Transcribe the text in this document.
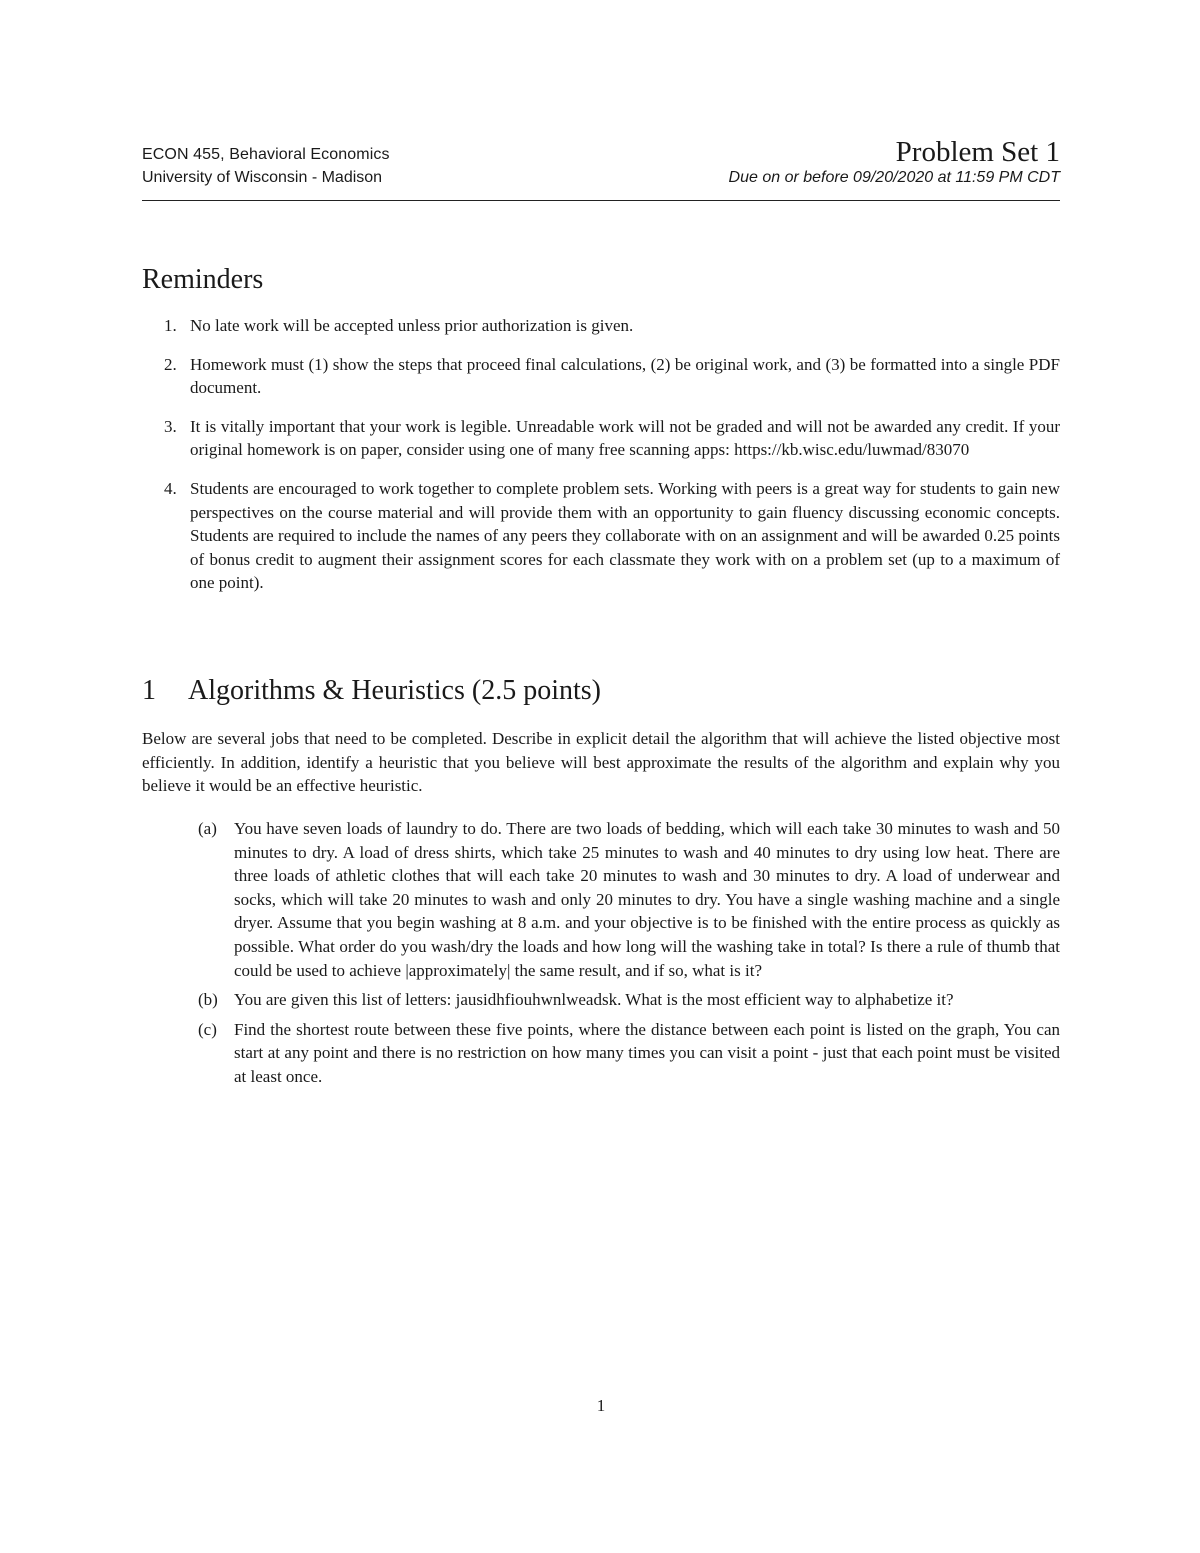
ECON 455, Behavioral Economics
University of Wisconsin - Madison
Problem Set 1
Due on or before 09/20/2020 at 11:59 PM CDT
Reminders
1. No late work will be accepted unless prior authorization is given.
2. Homework must (1) show the steps that proceed final calculations, (2) be original work, and (3) be formatted into a single PDF document.
3. It is vitally important that your work is legible. Unreadable work will not be graded and will not be awarded any credit. If your original homework is on paper, consider using one of many free scanning apps: https://kb.wisc.edu/luwmad/83070
4. Students are encouraged to work together to complete problem sets. Working with peers is a great way for students to gain new perspectives on the course material and will provide them with an opportunity to gain fluency discussing economic concepts. Students are required to include the names of any peers they collaborate with on an assignment and will be awarded 0.25 points of bonus credit to augment their assignment scores for each classmate they work with on a problem set (up to a maximum of one point).
1 Algorithms & Heuristics (2.5 points)

Below are several jobs that need to be completed. Describe in explicit detail the algorithm that will achieve the listed objective most efficiently. In addition, identify a heuristic that you believe will best approximate the results of the algorithm and explain why you believe it would be an effective heuristic.

(a) You have seven loads of laundry to do. There are two loads of bedding, which will each take 30 minutes to wash and 50 minutes to dry. A load of dress shirts, which take 25 minutes to wash and 40 minutes to dry using low heat. There are three loads of athletic clothes that will each take 20 minutes to wash and 30 minutes to dry. A load of underwear and socks, which will take 20 minutes to wash and only 20 minutes to dry. You have a single washing machine and a single dryer. Assume that you begin washing at 8 a.m. and your objective is to be finished with the entire process as quickly as possible. What order do you wash/dry the loads and how long will the washing take in total? Is there a rule of thumb that could be used to achieve |approximately| the same result, and if so, what is it?
(b) You are given this list of letters: jausidhfiouhwnlweadsk. What is the most efficient way to alphabetize it?
(c) Find the shortest route between these five points, where the distance between each point is listed on the graph, You can start at any point and there is no restriction on how many times you can visit a point - just that each point must be visited at least once.
1
